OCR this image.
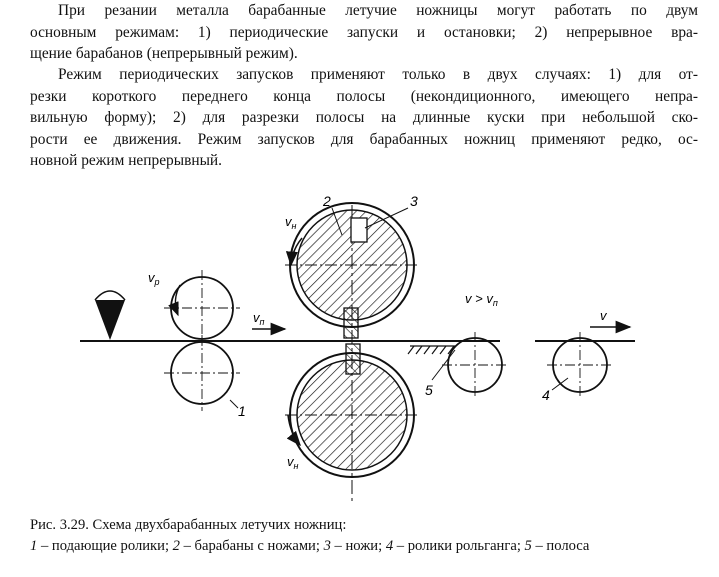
При резании металла барабанные летучие ножницы могут работать по двум
основным режимам: 1) периодические запуски и остановки; 2) непрерывное вра-
щение барабанов (непрерывный режим).
Режим периодических запусков применяют только в двух случаях: 1) для от-
резки короткого переднего конца полосы (некондиционного, имеющего непра-
вильную форму); 2) для разрезки полосы на длинные куски при небольшой ско-
рости ее движения. Режим запусков для барабанных ножниц применяют редко, ос-
новной режим непрерывный.
2	3
1
5	4
$v_р$
$v_п$
$v_н$
$v_н$
$v > v_п$
v
Рис. 3.29. Схема двухбарабанных летучих ножниц:
1 – подающие ролики; 2 – барабаны с ножами; 3 – ножи; 4 – ролики рольганга; 5 – полоса
